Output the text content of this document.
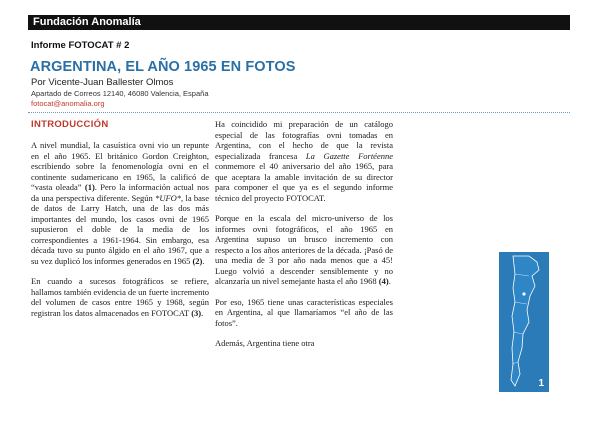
Fundación Anomalía
Informe FOTOCAT # 2
ARGENTINA, EL AÑO 1965 EN FOTOS
Por Vicente-Juan Ballester Olmos
Apartado de Correos 12140, 46080 Valencia, España
fotocat@anomalia.org
INTRODUCCIÓN

A nivel mundial, la casuística ovni vio un repunte en el año 1965. El británico Gordon Creighton, escribiendo sobre la fenomenología ovni en el continente sudamericano en 1965, la calificó de “vasta oleada” (1). Pero la información actual nos da una perspectiva diferente. Según *UFO*, la base de datos de Larry Hatch, una de las dos más importantes del mundo, los casos ovni de 1965 supusieron el doble de la media de los correspondientes a 1961-1964. Sin embargo, esa década tuvo su punto álgido en el año 1967, que a su vez duplicó los informes generados en 1965 (2).

En cuando a sucesos fotográficos se refiere, hallamos también evidencia de un fuerte incremento del volumen de casos entre 1965 y 1968, según registran los datos almacenados en FOTOCAT (3).

Ha coincidido mi preparación de un catálogo especial de las fotografías ovni tomadas en Argentina, con el hecho de que la revista especializada francesa La Gazette Fortéenne conmemore el 40 aniversario del año 1965, para que aceptara la amable invitación de su director para componer el que ya es el segundo informe técnico del proyecto FOTOCAT.

Porque en la escala del micro-universo de los informes ovni fotográficos, el año 1965 en Argentina supuso un brusco incremento con respecto a los años anteriores de la década. ¡Pasó de una media de 3 por año nada menos que a 45! Luego volvió a descender sensiblemente y no alcanzaría un nivel semejante hasta el año 1968 (4).

Por eso, 1965 tiene unas características especiales en Argentina, al que llamaríamos “el año de las fotos”.

Además, Argentina tiene otra

1
